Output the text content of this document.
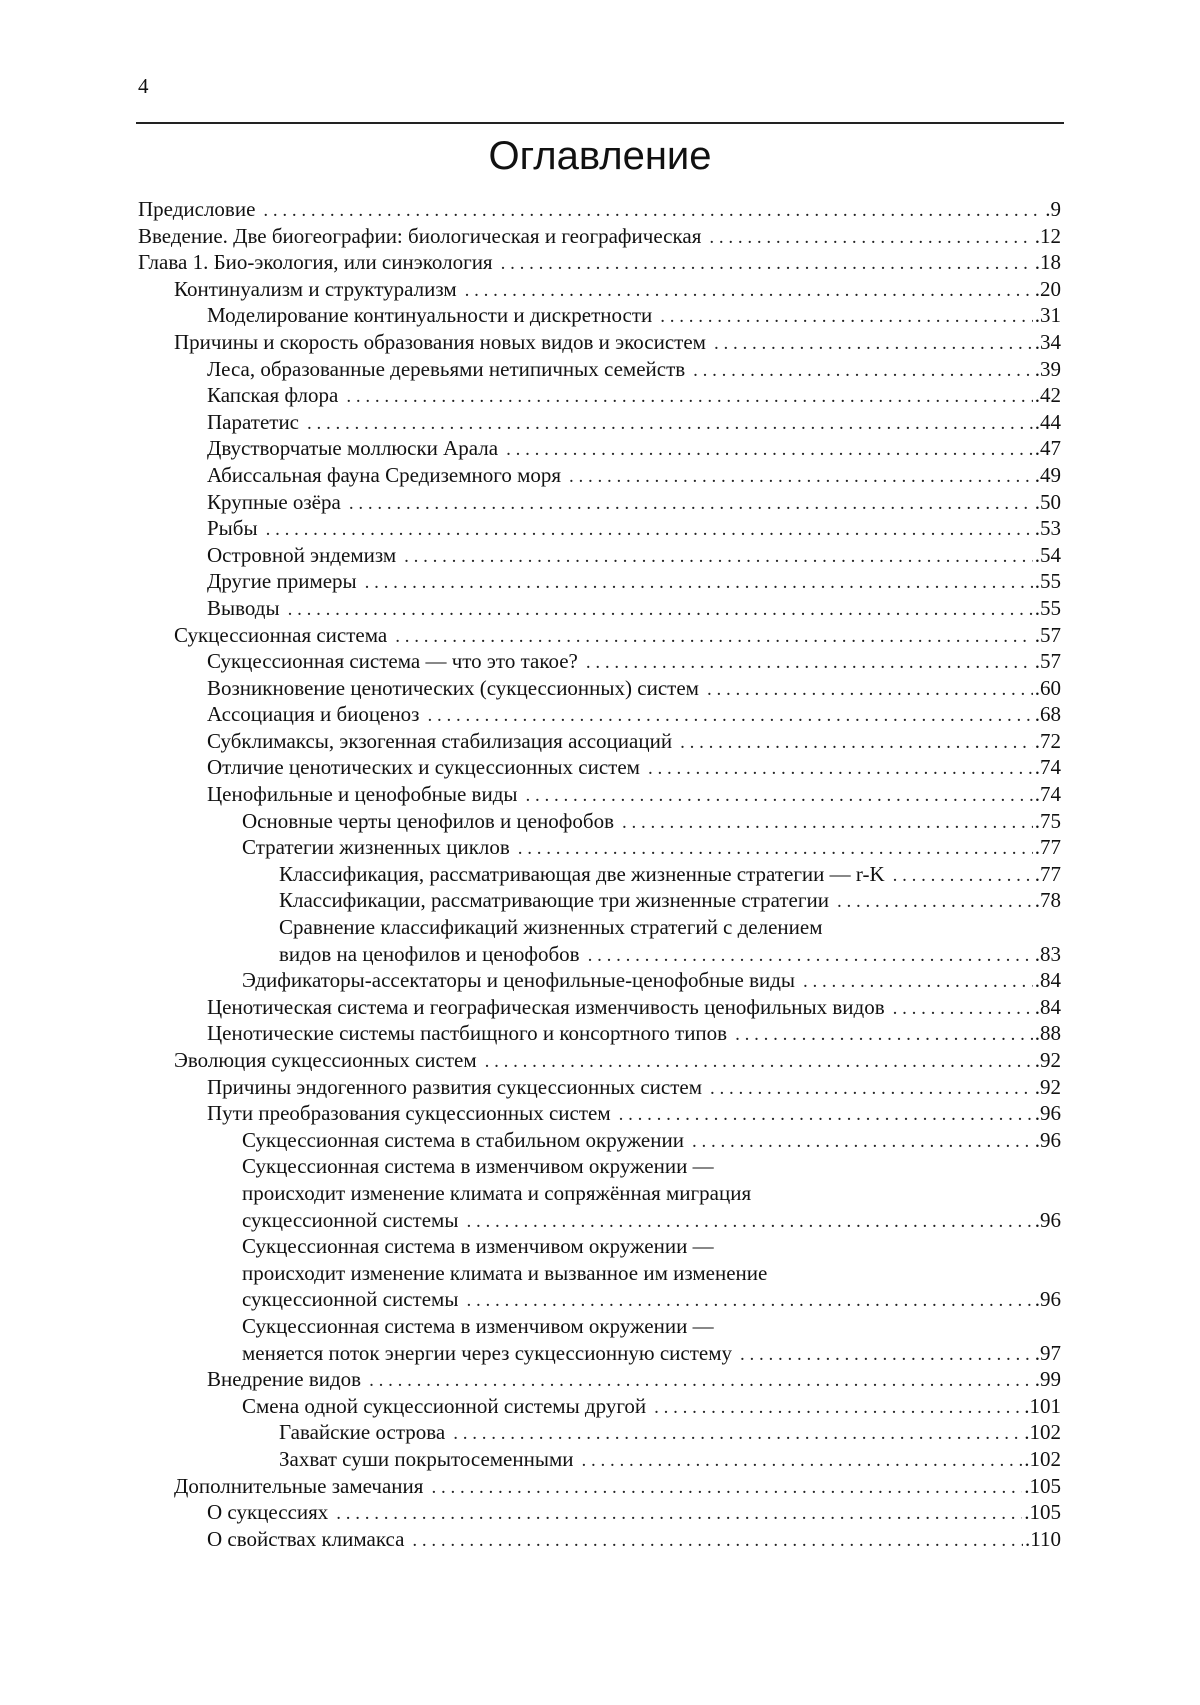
4
Оглавление
Предисловие . . .	.9
Введение. Две биогеографии: биологическая и географическая . . .	.12
Глава 1. Био-экология, или синэкология . . .	.18
Континуализм и структурализм . . .	.20
Моделирование континуальности и дискретности . . .	.31
Причины и скорость образования новых видов и экосистем . . .	.34
Леса, образованные деревьями нетипичных семейств . . .	.39
Капская флора . . .	.42
Паратетис . . .	.44
Двустворчатые моллюски Арала . . .	.47
Абиссальная фауна Средиземного моря . . .	.49
Крупные озёра . . .	.50
Рыбы . . .	.53
Островной эндемизм . . .	.54
Другие примеры . . .	.55
Выводы . . .	.55
Сукцессионная система . . .	.57
Сукцессионная система — что это такое? . . .	.57
Возникновение ценотических (сукцессионных) систем . . .	.60
Ассоциация и биоценоз . . .	.68
Субклимаксы, экзогенная стабилизация ассоциаций . . .	.72
Отличие ценотических и сукцессионных систем . . .	.74
Ценофильные и ценофобные виды . . .	.74
Основные черты ценофилов и ценофобов . . .	.75
Стратегии жизненных циклов . . .	.77
Классификация, рассматривающая две жизненные стратегии — r-K . . .	.77
Классификации, рассматривающие три жизненные стратегии . . .	.78
Сравнение классификаций жизненных стратегий с делением
видов на ценофилов и ценофобов . . .	.83
Эдификаторы-ассектаторы и ценофильные-ценофобные виды . . .	.84
Ценотическая система и географическая изменчивость ценофильных видов . . .	.84
Ценотические системы пастбищного и консортного типов . . .	.88
Эволюция сукцессионных систем . . .	.92
Причины эндогенного развития сукцессионных систем . . .	.92
Пути преобразования сукцессионных систем . . .	.96
Сукцессионная система в стабильном окружении . . .	.96
Сукцессионная система в изменчивом окружении —
происходит изменение климата и сопряжённая миграция
сукцессионной системы . . .	.96
Сукцессионная система в изменчивом окружении —
происходит изменение климата и вызванное им изменение
сукцессионной системы . . .	.96
Сукцессионная система в изменчивом окружении —
меняется поток энергии через сукцессионную систему . . .	.97
Внедрение видов . . .	.99
Смена одной сукцессионной системы другой . . .	.101
Гавайские острова . . .	.102
Захват суши покрытосеменными . . .	.102
Дополнительные замечания . . .	.105
О сукцессиях . . .	.105
О свойствах климакса . . .	.110
